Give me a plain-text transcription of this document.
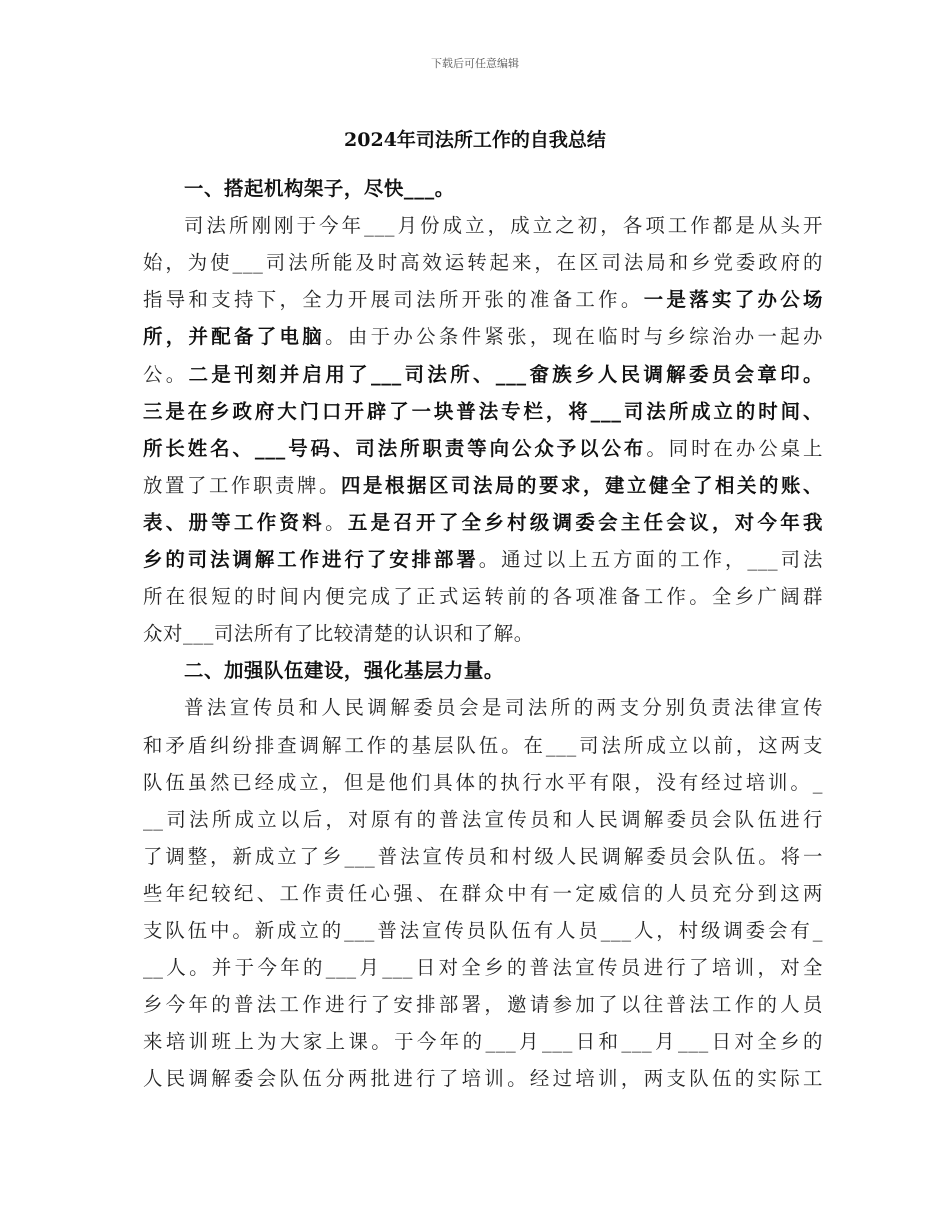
下载后可任意编辑
2024年司法所工作的自我总结
一、搭起机构架子，尽快___。
司法所刚刚于今年___月份成立，成立之初，各项工作都是从头开
始，为使___司法所能及时高效运转起来，在区司法局和乡党委政府的
指导和支持下，全力开展司法所开张的准备工作。一是落实了办公场
所，并配备了电脑。由于办公条件紧张，现在临时与乡综治办一起办
公。二是刊刻并启用了___司法所、___畲族乡人民调解委员会章印。
三是在乡政府大门口开辟了一块普法专栏，将___司法所成立的时间、
所长姓名、___号码、司法所职责等向公众予以公布。同时在办公桌上
放置了工作职责牌。四是根据区司法局的要求，建立健全了相关的账、
表、册等工作资料。五是召开了全乡村级调委会主任会议，对今年我
乡的司法调解工作进行了安排部署。通过以上五方面的工作，___司法
所在很短的时间内便完成了正式运转前的各项准备工作。全乡广阔群
众对___司法所有了比较清楚的认识和了解。
二、加强队伍建设，强化基层力量。
普法宣传员和人民调解委员会是司法所的两支分别负责法律宣传
和矛盾纠纷排查调解工作的基层队伍。在___司法所成立以前，这两支
队伍虽然已经成立，但是他们具体的执行水平有限，没有经过培训。_
__司法所成立以后，对原有的普法宣传员和人民调解委员会队伍进行
了调整，新成立了乡___普法宣传员和村级人民调解委员会队伍。将一
些年纪较纪、工作责任心强、在群众中有一定威信的人员充分到这两
支队伍中。新成立的___普法宣传员队伍有人员___人，村级调委会有_
__人。并于今年的___月___日对全乡的普法宣传员进行了培训，对全
乡今年的普法工作进行了安排部署，邀请参加了以往普法工作的人员
来培训班上为大家上课。于今年的___月___日和___月___日对全乡的
人民调解委会队伍分两批进行了培训。经过培训，两支队伍的实际工
